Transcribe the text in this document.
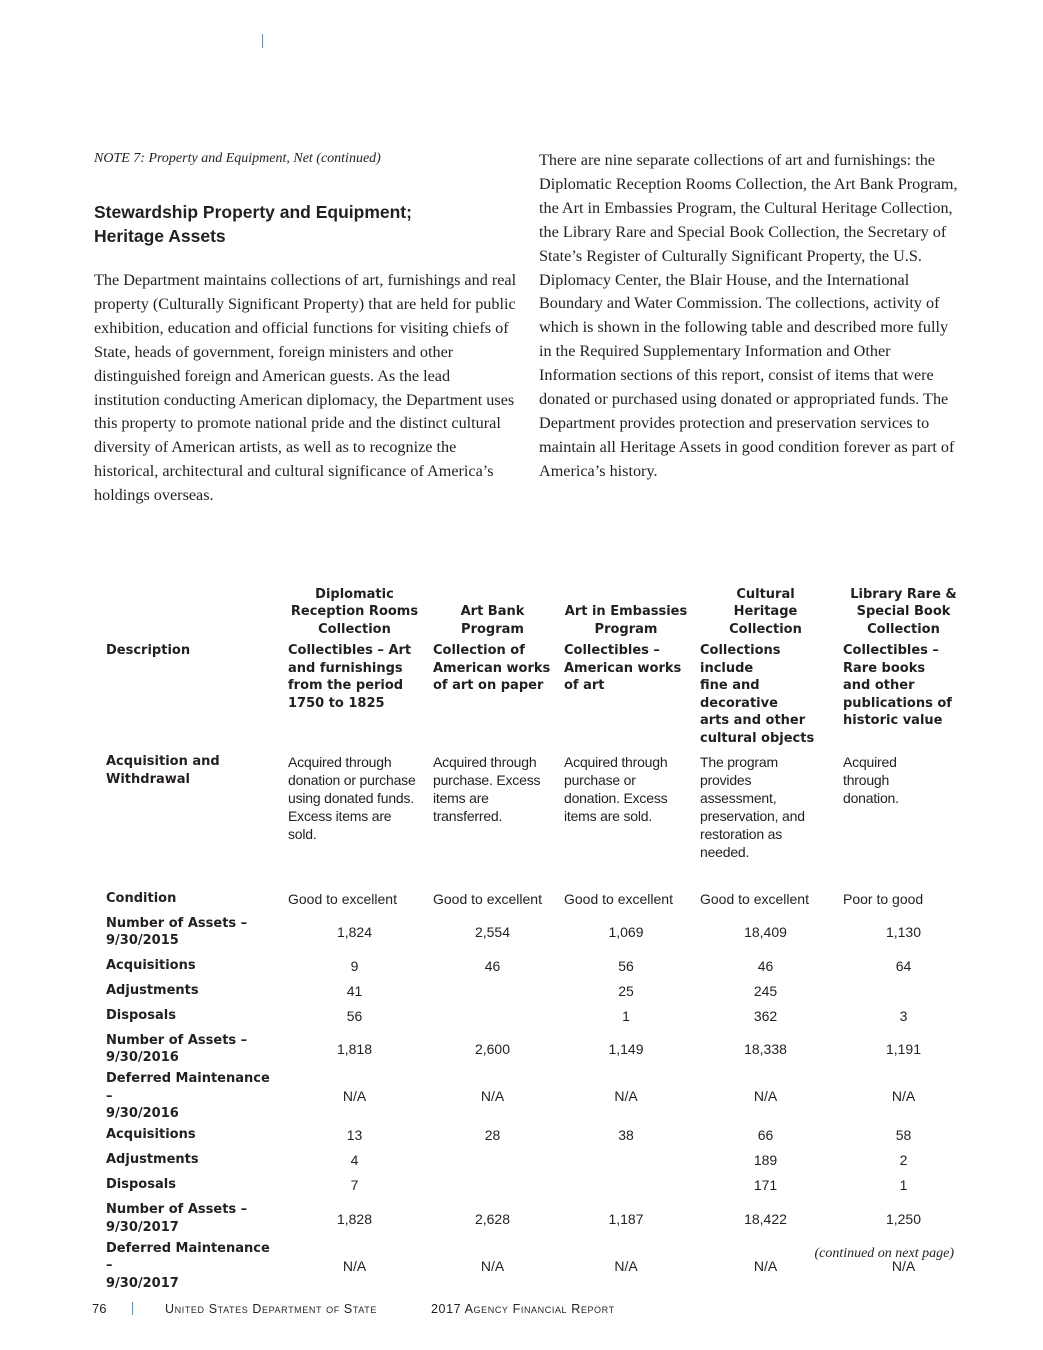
NOTE 7: Property and Equipment, Net (continued)
Stewardship Property and Equipment;
Heritage Assets

The Department maintains collections of art, furnishings and real property (Culturally Significant Property) that are held for public exhibition, education and official functions for visiting chiefs of State, heads of government, foreign ministers and other distinguished foreign and American guests. As the lead institution conducting American diplomacy, the Department uses this property to promote national pride and the distinct cultural diversity of American artists, as well as to recognize the historical, architectural and cultural significance of America’s holdings overseas.

There are nine separate collections of art and furnishings: the Diplomatic Reception Rooms Collection, the Art Bank Program, the Art in Embassies Program, the Cultural Heritage Collection, the Library Rare and Special Book Collection, the Secretary of State’s Register of Culturally Significant Property, the U.S. Diplomacy Center, the Blair House, and the International Boundary and Water Commission. The collections, activity of which is shown in the following table and described more fully in the Required Supplementary Information and Other Information sections of this report, consist of items that were donated or purchased using donated or appropriated funds. The Department provides protection and preservation services to maintain all Heritage Assets in good condition forever as part of America’s history.

	Diplomatic
Reception Rooms
Collection	Art Bank
Program	Art in Embassies
Program	Cultural
Heritage
Collection	Library Rare &
Special Book
Collection
Description	Collectibles – Art
and furnishings
from the period
1750 to 1825	Collection of
American works
of art on paper	Collectibles –
American works
of art	Collections include
fine and decorative
arts and other
cultural objects	Collectibles –
Rare books
and other
publications of
historic value
Acquisition and
Withdrawal	Acquired through
donation or purchase
using donated funds.
Excess items are sold.	Acquired through
purchase. Excess
items are
transferred.	Acquired through
purchase or
donation. Excess
items are sold.	The program
provides assessment,
preservation, and
restoration as
needed.	Acquired
through
donation.
Condition	Good to excellent	Good to excellent	Good to excellent	Good to excellent	Poor to good
Number of Assets –
9/30/2015	1,824	2,554	1,069	18,409	1,130
Acquisitions	9	46	56	46	64
Adjustments	41		25	245	
Disposals	56		1	362	3
Number of Assets –
9/30/2016	1,818	2,600	1,149	18,338	1,191
Deferred Maintenance –
9/30/2016	N/A	N/A	N/A	N/A	N/A
Acquisitions	13	28	38	66	58
Adjustments	4			189	2
Disposals	7			171	1
Number of Assets –
9/30/2017	1,828	2,628	1,187	18,422	1,250
Deferred Maintenance –
9/30/2017	N/A	N/A	N/A	N/A	N/A
(continued on next page)
76	United States Department of State	2017 Agency Financial Report
